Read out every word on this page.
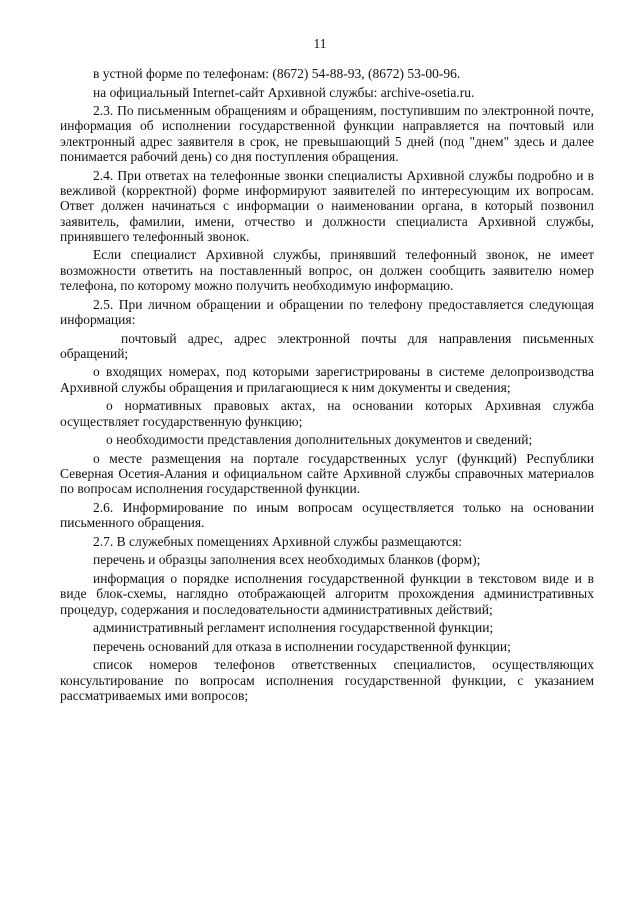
11

в устной форме по телефонам: (8672) 54-88-93, (8672) 53-00-96.

на официальный Internet-сайт Архивной службы: archive-osetia.ru.

2.3. По письменным обращениям и обращениям, поступившим по электронной почте, информация об исполнении государственной функции направляется на почтовый или электронный адрес заявителя в срок, не превышающий 5 дней (под "днем" здесь и далее понимается рабочий день) со дня поступления обращения.

2.4. При ответах на телефонные звонки специалисты Архивной службы подробно и в вежливой (корректной) форме информируют заявителей по интересующим их вопросам. Ответ должен начинаться с информации о наименовании органа, в который позвонил заявитель, фамилии, имени, отчество и должности специалиста Архивной службы, принявшего телефонный звонок.

Если специалист Архивной службы, принявший телефонный звонок, не имеет возможности ответить на поставленный вопрос, он должен сообщить заявителю номер телефона, по которому можно получить необходимую информацию.

2.5. При личном обращении и обращении по телефону предоставляется следующая информация:

почтовый адрес, адрес электронной почты для направления письменных обращений;

о входящих номерах, под которыми зарегистрированы в системе делопроизводства Архивной службы обращения и прилагающиеся к ним документы и сведения;

о нормативных правовых актах, на основании которых Архивная служба осуществляет государственную функцию;

о необходимости представления дополнительных документов и сведений;

о месте размещения на портале государственных услуг (функций) Республики Северная Осетия-Алания и официальном сайте Архивной службы справочных материалов по вопросам исполнения государственной функции.

2.6. Информирование по иным вопросам осуществляется только на основании письменного обращения.

2.7. В служебных помещениях Архивной службы размещаются:

перечень и образцы заполнения всех необходимых бланков (форм);

информация о порядке исполнения государственной функции в текстовом виде и в виде блок-схемы, наглядно отображающей алгоритм прохождения административных процедур, содержания и последовательности административных действий;

административный регламент исполнения государственной функции;

перечень оснований для отказа в исполнении государственной функции;

список номеров телефонов ответственных специалистов, осуществляющих консультирование по вопросам исполнения государственной функции, с указанием рассматриваемых ими вопросов;
